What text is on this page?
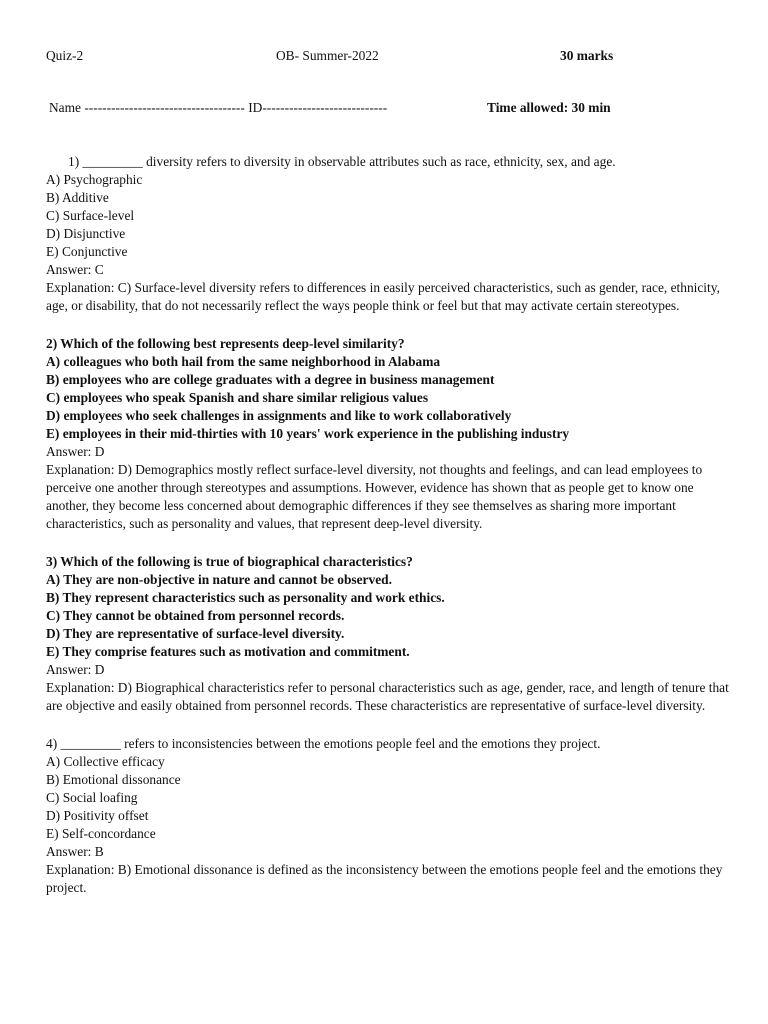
Quiz-2	OB- Summer-2022	30 marks
Name ------------------------------------ ID----------------------------	Time allowed: 30 min

1) _________ diversity refers to diversity in observable attributes such as race, ethnicity, sex, and age.

A) Psychographic

B) Additive

C) Surface-level

D) Disjunctive

E) Conjunctive

Answer: C

Explanation: C) Surface-level diversity refers to differences in easily perceived characteristics, such as gender, race, ethnicity, age, or disability, that do not necessarily reflect the ways people think or feel but that may activate certain stereotypes.

2) Which of the following best represents deep-level similarity?

A) colleagues who both hail from the same neighborhood in Alabama

B) employees who are college graduates with a degree in business management

C) employees who speak Spanish and share similar religious values

D) employees who seek challenges in assignments and like to work collaboratively

E) employees in their mid-thirties with 10 years' work experience in the publishing industry

Answer: D

Explanation: D) Demographics mostly reflect surface-level diversity, not thoughts and feelings, and can lead employees to perceive one another through stereotypes and assumptions. However, evidence has shown that as people get to know one another, they become less concerned about demographic differences if they see themselves as sharing more important characteristics, such as personality and values, that represent deep-level diversity.

3) Which of the following is true of biographical characteristics?

A) They are non-objective in nature and cannot be observed.

B) They represent characteristics such as personality and work ethics.

C) They cannot be obtained from personnel records.

D) They are representative of surface-level diversity.

E) They comprise features such as motivation and commitment.

Answer: D

Explanation: D) Biographical characteristics refer to personal characteristics such as age, gender, race, and length of tenure that are objective and easily obtained from personnel records. These characteristics are representative of surface-level diversity.

4) _________ refers to inconsistencies between the emotions people feel and the emotions they project.

A) Collective efficacy

B) Emotional dissonance

C) Social loafing

D) Positivity offset

E) Self-concordance

Answer: B

Explanation: B) Emotional dissonance is defined as the inconsistency between the emotions people feel and the emotions they project.
